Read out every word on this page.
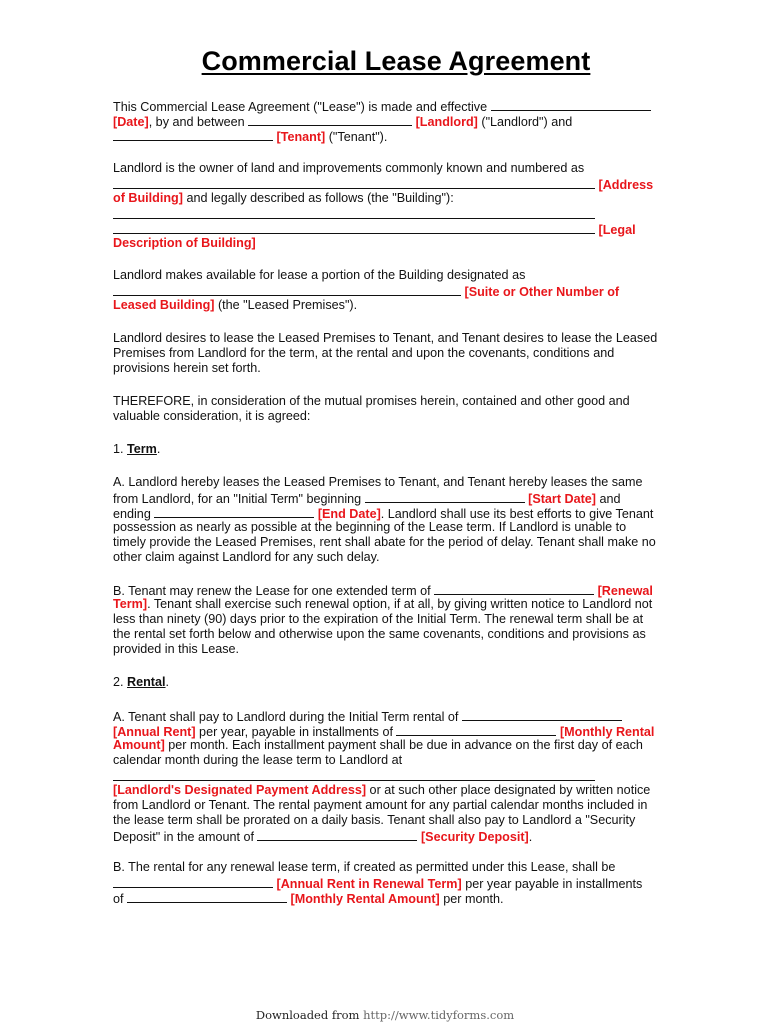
Commercial Lease Agreement
This Commercial Lease Agreement ("Lease") is made and effective
[Date], by and between	[Landlord] ("Landlord") and
[Tenant] ("Tenant").
Landlord is the owner of land and improvements commonly known and numbered as
[Address
of Building] and legally described as follows (the "Building"):
[Legal
Description of Building]
Landlord makes available for lease a portion of the Building designated as
[Suite or Other Number of
Leased Building] (the "Leased Premises").
Landlord desires to lease the Leased Premises to Tenant, and Tenant desires to lease the Leased
Premises from Landlord for the term, at the rental and upon the covenants, conditions and
provisions herein set forth.
THEREFORE, in consideration of the mutual promises herein, contained and other good and
valuable consideration, it is agreed:
1. Term.
A. Landlord hereby leases the Leased Premises to Tenant, and Tenant hereby leases the same
from Landlord, for an "Initial Term" beginning	[Start Date] and
ending	[End Date]. Landlord shall use its best efforts to give Tenant
possession as nearly as possible at the beginning of the Lease term. If Landlord is unable to
timely provide the Leased Premises, rent shall abate for the period of delay. Tenant shall make no
other claim against Landlord for any such delay.
B. Tenant may renew the Lease for one extended term of	[Renewal
Term]. Tenant shall exercise such renewal option, if at all, by giving written notice to Landlord not
less than ninety (90) days prior to the expiration of the Initial Term. The renewal term shall be at
the rental set forth below and otherwise upon the same covenants, conditions and provisions as
provided in this Lease.
2. Rental.
A. Tenant shall pay to Landlord during the Initial Term rental of
[Annual Rent] per year, payable in installments of	[Monthly Rental
Amount] per month. Each installment payment shall be due in advance on the first day of each
calendar month during the lease term to Landlord at
[Landlord's Designated Payment Address] or at such other place designated by written notice
from Landlord or Tenant. The rental payment amount for any partial calendar months included in
the lease term shall be prorated on a daily basis. Tenant shall also pay to Landlord a "Security
Deposit" in the amount of	[Security Deposit].
B. The rental for any renewal lease term, if created as permitted under this Lease, shall be
[Annual Rent in Renewal Term] per year payable in installments
of	[Monthly Rental Amount] per month.
Downloaded from http://www.tidyforms.com
